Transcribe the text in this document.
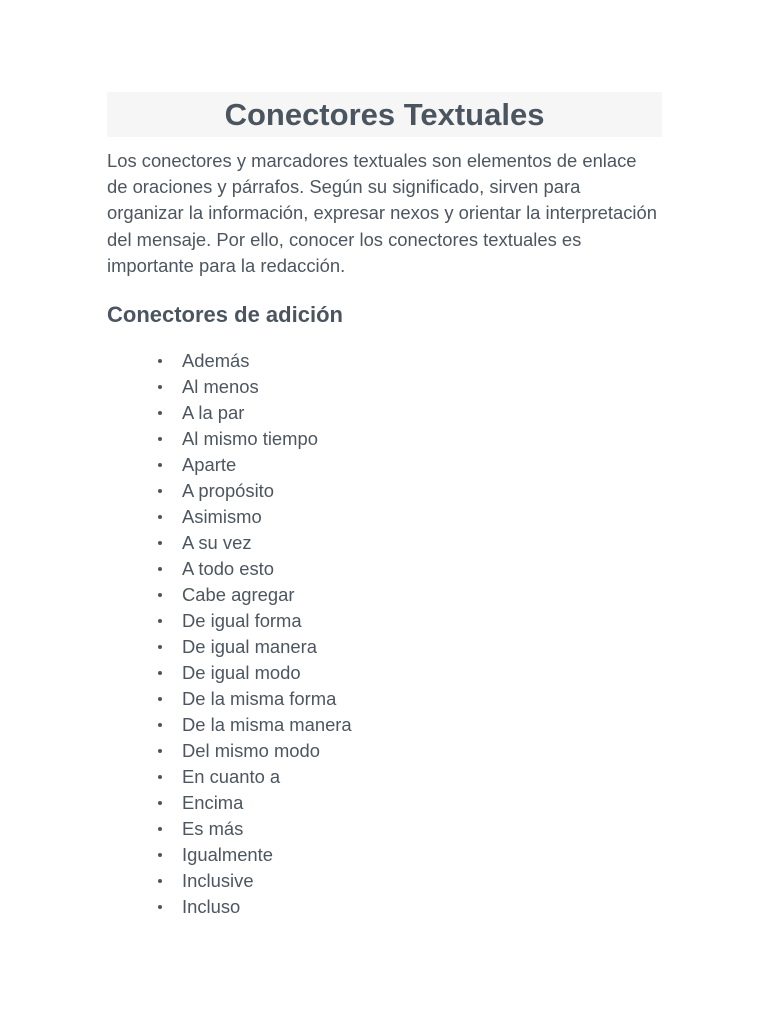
Conectores Textuales

Los conectores y marcadores textuales son elementos de enlace de oraciones y párrafos. Según su significado, sirven para organizar la información, expresar nexos y orientar la interpretación del mensaje. Por ello, conocer los conectores textuales es importante para la redacción.

Conectores de adición
Además
Al menos
A la par
Al mismo tiempo
Aparte
A propósito
Asimismo
A su vez
A todo esto
Cabe agregar
De igual forma
De igual manera
De igual modo
De la misma forma
De la misma manera
Del mismo modo
En cuanto a
Encima
Es más
Igualmente
Inclusive
Incluso
